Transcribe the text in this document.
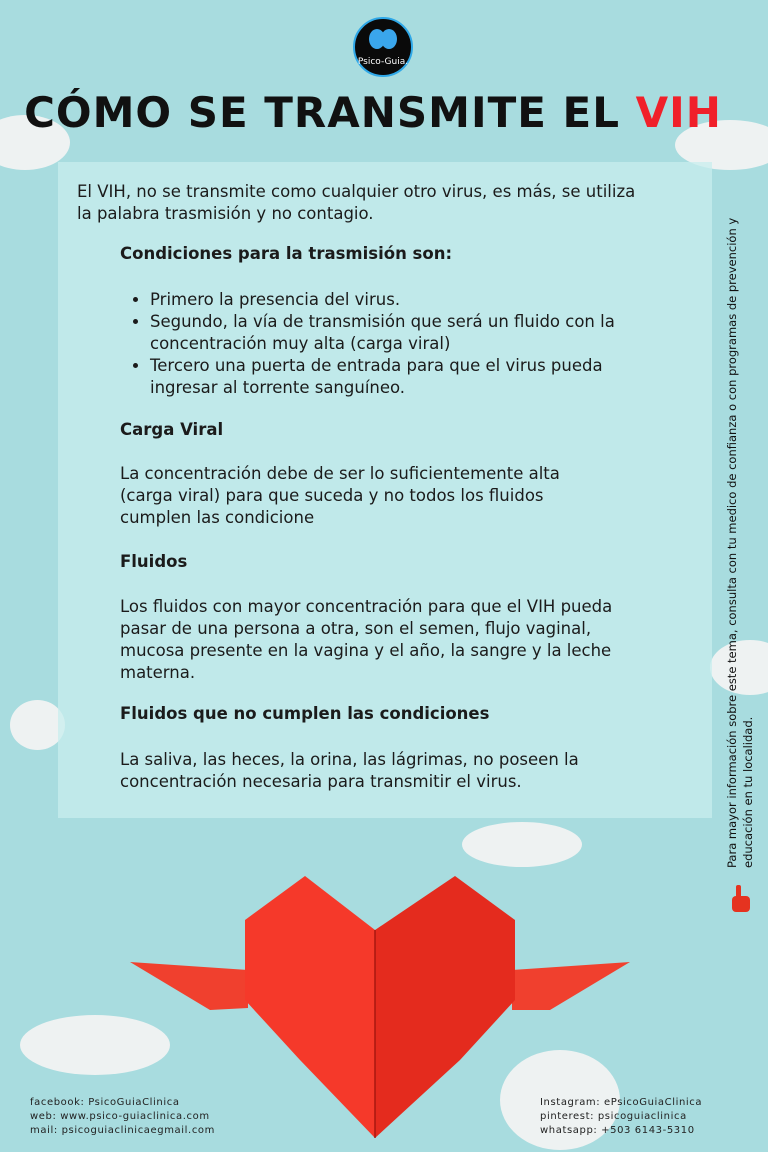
Psico-Guia.
CÓMO SE TRANSMITE EL VIH

El VIH, no se transmite como cualquier otro virus, es más, se utiliza

la palabra trasmisión y no contagio.

Condiciones para la trasmisión son:

• Primero la presencia del virus.
• Segundo, la vía de transmisión que será un fluido con la concentración muy alta (carga viral)
• Tercero una puerta de entrada para que el virus pueda ingresar al torrente sanguíneo.

Carga Viral

La concentración debe de ser lo suficientemente alta (carga viral) para que suceda y no todos los fluidos cumplen las condicione

Fluidos

Los fluidos con mayor concentración para que el VIH pueda pasar de una persona a otra, son el semen, flujo vaginal, mucosa presente en la vagina y el año, la sangre y la leche materna.

Fluidos que no cumplen las condiciones

La saliva, las heces, la orina, las lágrimas, no poseen la concentración necesaria para transmitir el virus.	Para mayor información sobre este tema, consulta con tu medico de confianza o con programas de prevención y educación en tu localidad.
facebook: PsicoGuiaClinica
web: www.psico-guiaclinica.com
mail: psicoguiaclinicaegmail.com
Instagram: ePsicoGuiaClinica
pinterest: psicoguiaclinica
whatsapp: +503 6143-5310
